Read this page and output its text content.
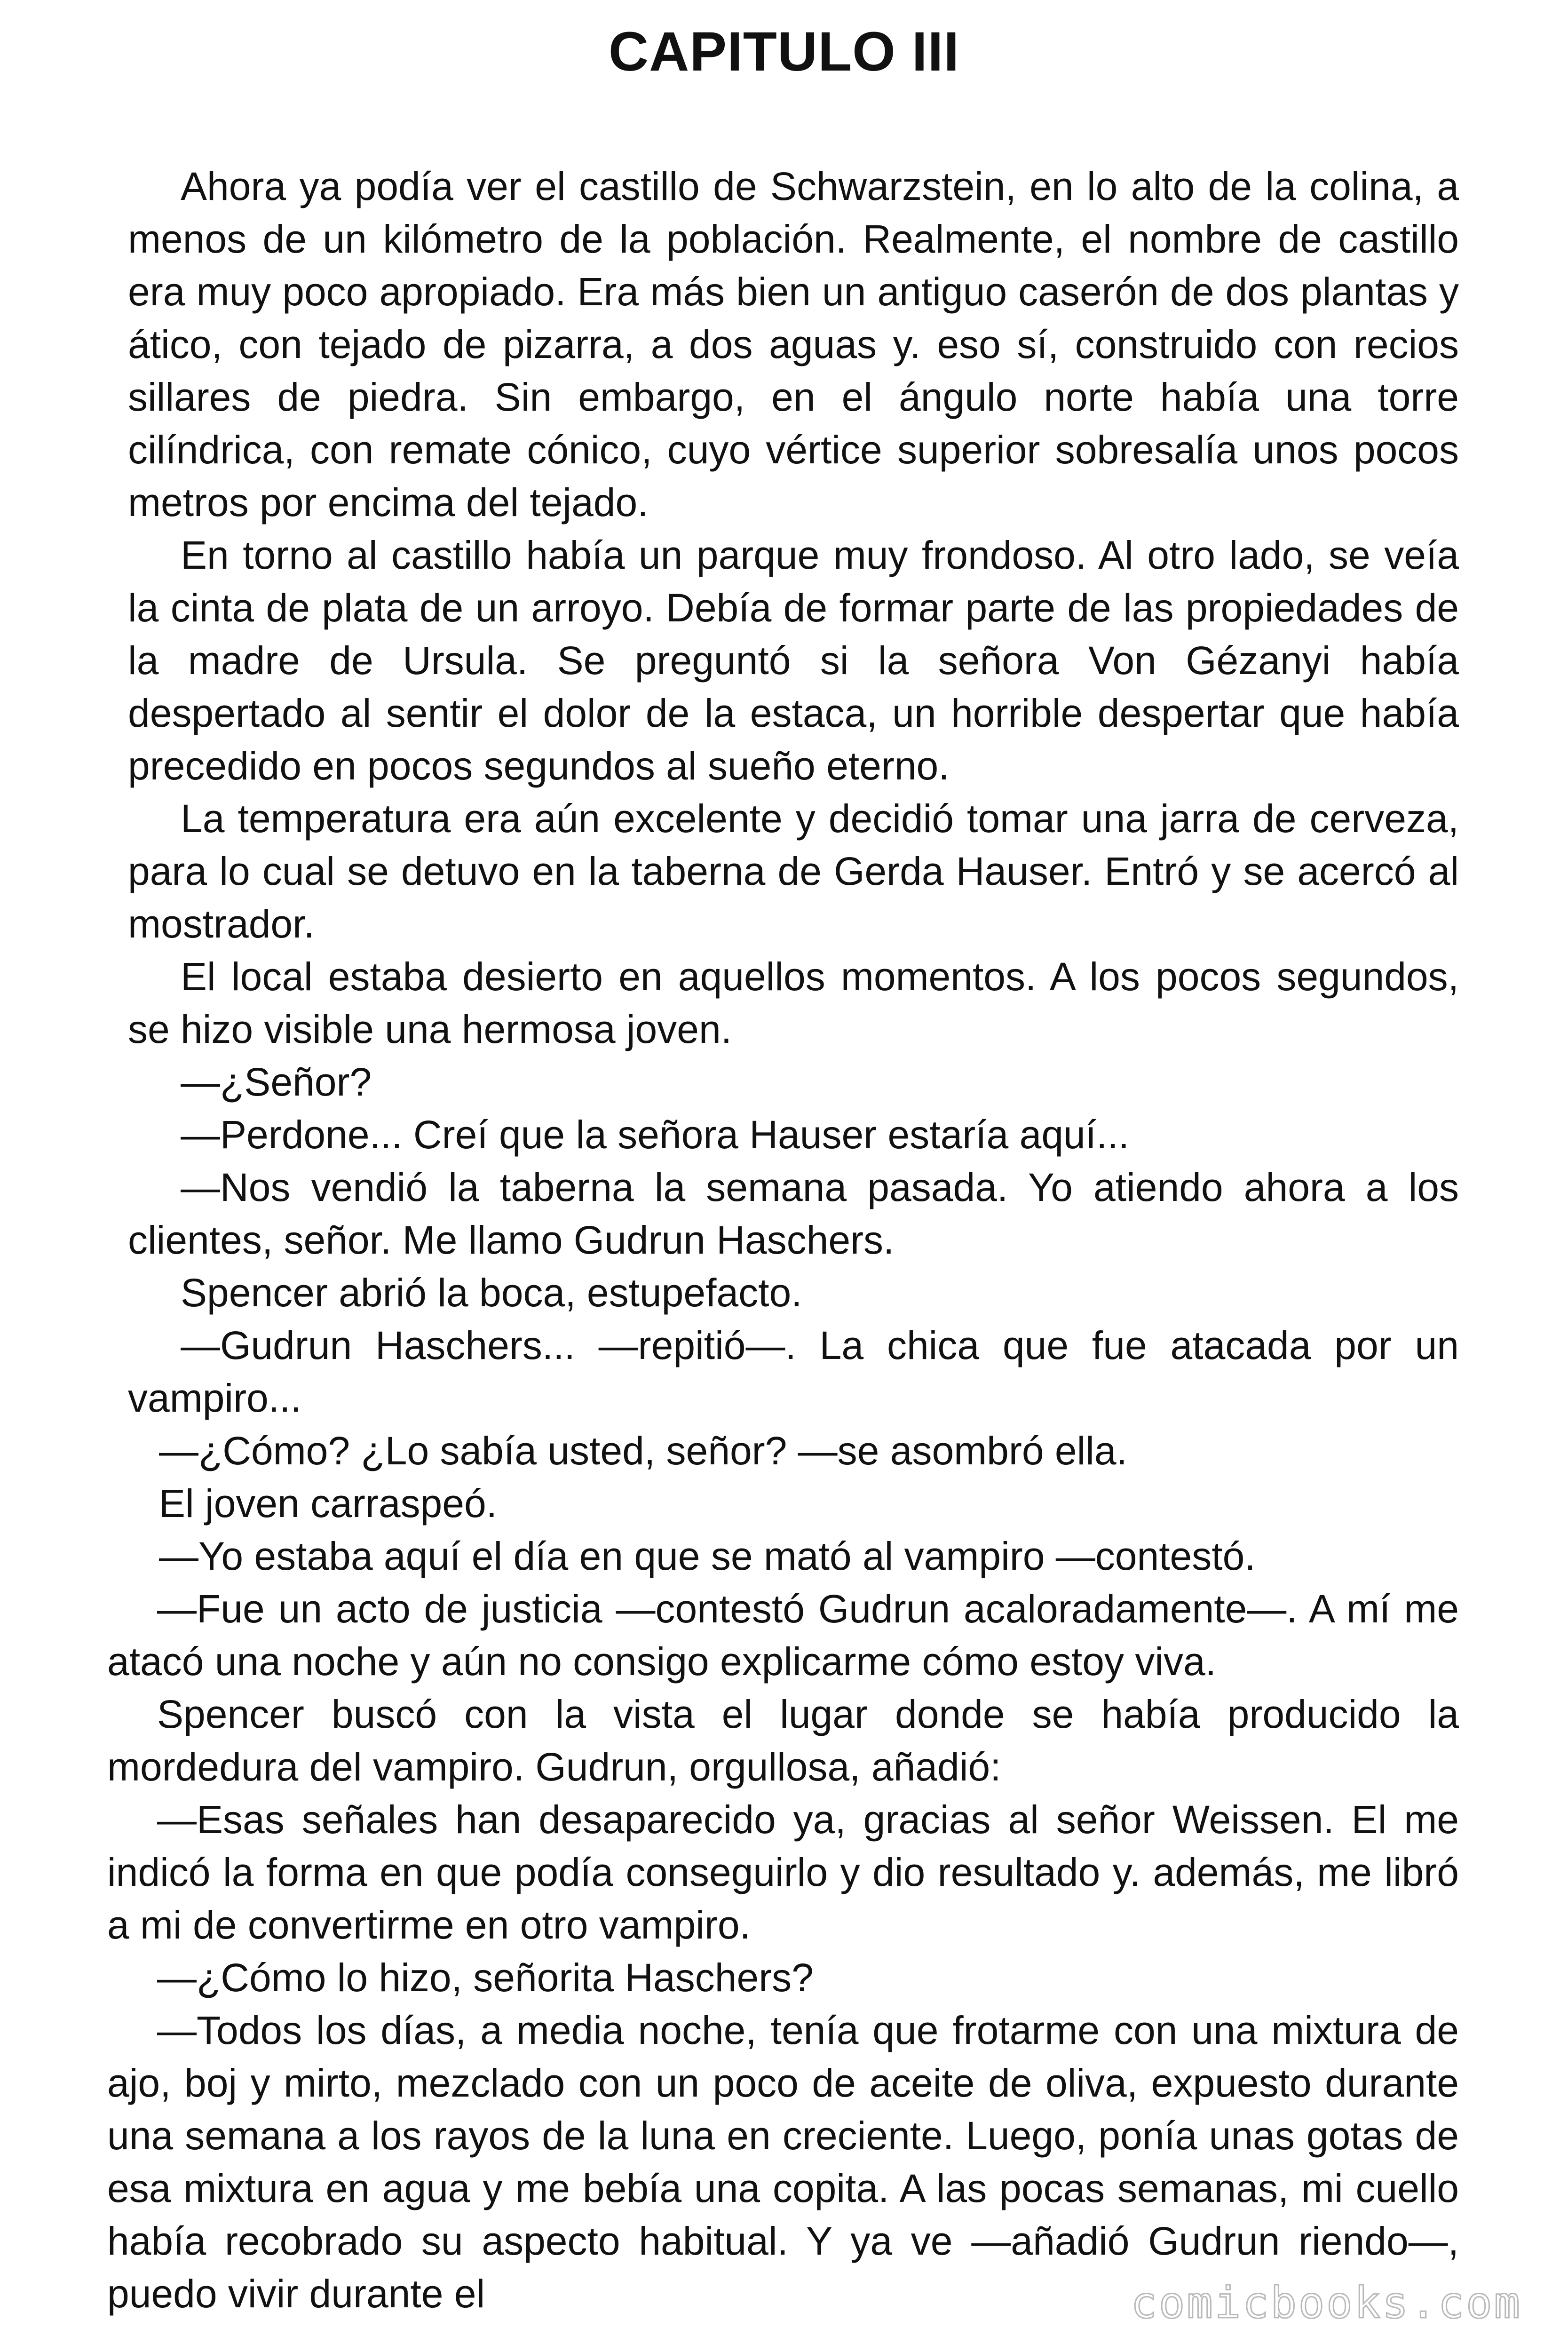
CAPITULO III

Ahora ya podía ver el castillo de Schwarzstein, en lo alto de la colina, a menos de un kilómetro de la población. Realmente, el nombre de castillo era muy poco apropiado. Era más bien un antiguo caserón de dos plantas y ático, con tejado de pizarra, a dos aguas y. eso sí, construido con recios sillares de piedra. Sin embargo, en el ángulo norte había una torre cilíndrica, con remate cónico, cuyo vértice superior sobresalía unos pocos metros por encima del tejado.

En torno al castillo había un parque muy frondoso. Al otro lado, se veía la cinta de plata de un arroyo. Debía de formar parte de las propiedades de la madre de Ursula. Se preguntó si la señora Von Gézanyi había despertado al sentir el dolor de la estaca, un horrible despertar que había precedido en pocos segundos al sueño eterno.

La temperatura era aún excelente y decidió tomar una jarra de cerveza, para lo cual se detuvo en la taberna de Gerda Hauser. Entró y se acercó al mostrador.

El local estaba desierto en aquellos momentos. A los pocos segundos, se hizo visible una hermosa joven.

—¿Señor?

—Perdone... Creí que la señora Hauser estaría aquí...

—Nos vendió la taberna la semana pasada. Yo atiendo ahora a los clientes, señor. Me llamo Gudrun Haschers.

Spencer abrió la boca, estupefacto.

—Gudrun Haschers... —repitió—. La chica que fue atacada por un vampiro...

—¿Cómo? ¿Lo sabía usted, señor? —se asombró ella.

El joven carraspeó.

—Yo estaba aquí el día en que se mató al vampiro —contestó.

—Fue un acto de justicia —contestó Gudrun acaloradamente—. A mí me atacó una noche y aún no consigo explicarme cómo estoy viva.

Spencer buscó con la vista el lugar donde se había producido la mordedura del vampiro. Gudrun, orgullosa, añadió:

—Esas señales han desaparecido ya, gracias al señor Weissen. El me indicó la forma en que podía conseguirlo y dio resultado y. además, me libró a mi de convertirme en otro vampiro.

—¿Cómo lo hizo, señorita Haschers?

—Todos los días, a media noche, tenía que frotarme con una mixtura de ajo, boj y mirto, mezclado con un poco de aceite de oliva, expuesto durante una semana a los rayos de la luna en creciente. Luego, ponía unas gotas de esa mixtura en agua y me bebía una copita. A las pocas semanas, mi cuello había recobrado su aspecto habitual. Y ya ve —añadió Gudrun riendo—, puedo vivir durante el	comicbooks.com
